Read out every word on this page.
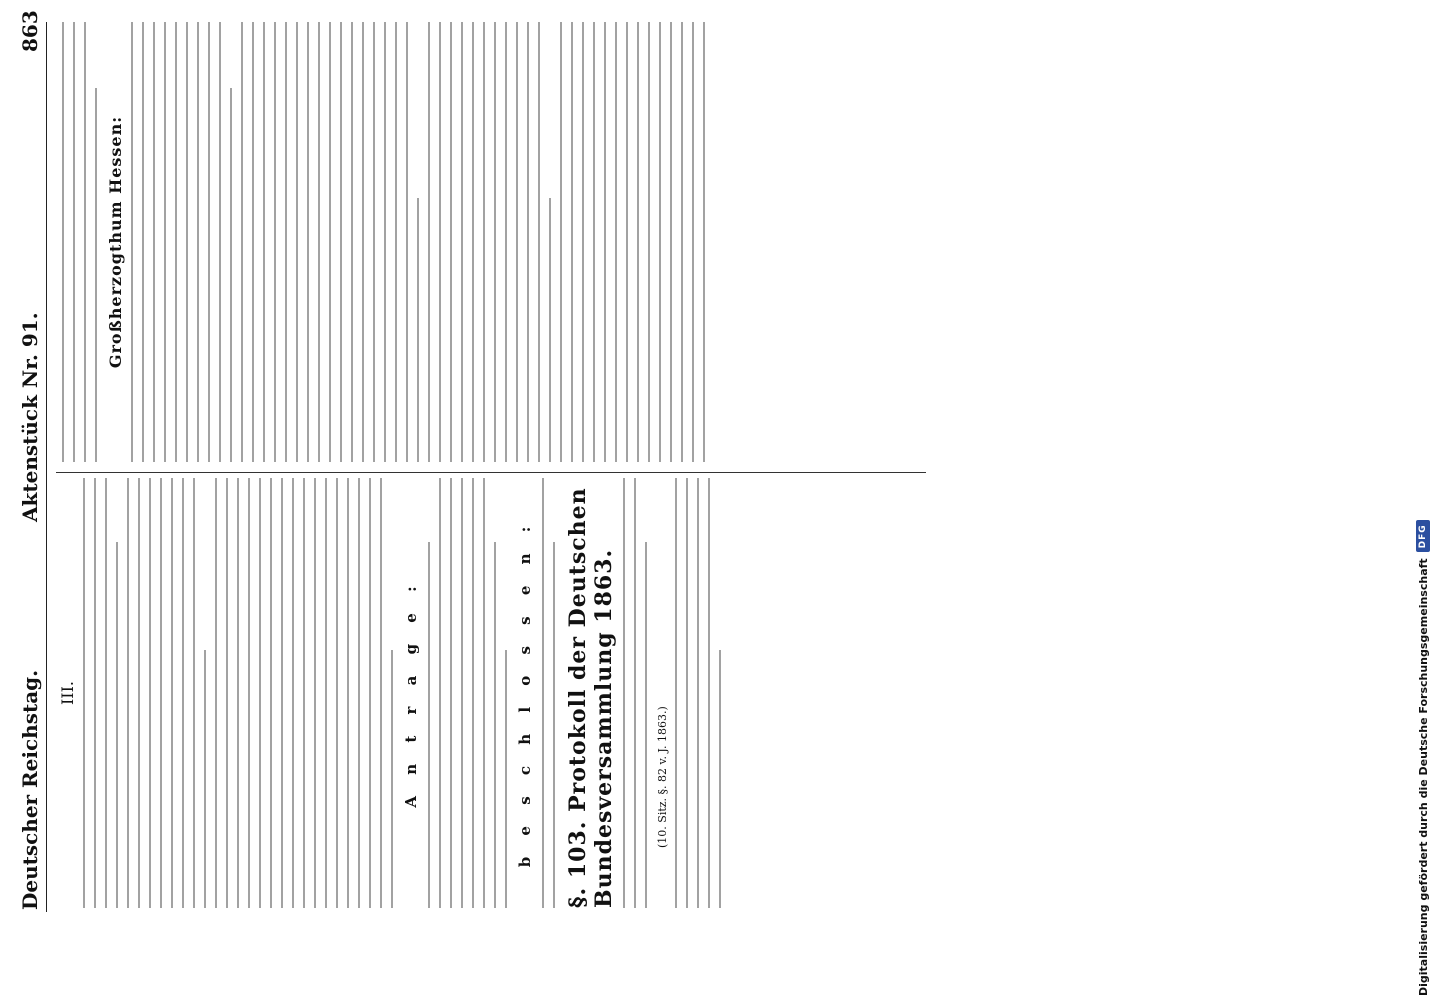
Deutscher Reichstag.
Aktenstück Nr. 91.
863
III.	A n t r a g e :	b e s c h l o s s e n : §. 103. Protokoll der Deutschen Bundesversammlung 1863.	(10. Sitz. §. 82 v. J. 1863.)
Großherzogthum Hessen:
Digitalisierung gefördert durch die Deutsche Forschungsgemeinschaft
DFG
